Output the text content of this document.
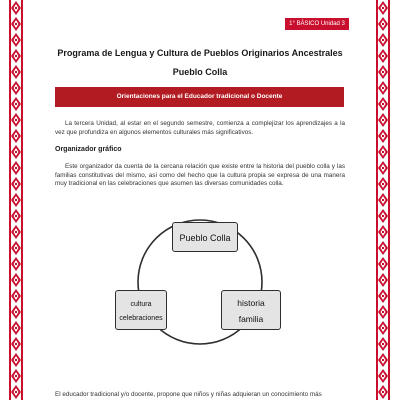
1° BÁSICO Unidad 3
Programa de Lengua y Cultura de Pueblos Originarios Ancestrales
Pueblo Colla
Orientaciones para el Educador tradicional o Docente
La tercera Unidad, al estar en el segundo semestre, comienza a complejizar los aprendizajes a la vez que profundiza en algunos elementos culturales más significativos.
Organizador gráfico
Este organizador da cuenta de la cercana relación que existe entre la historia del pueblo colla y las familias constitutivas del mismo, así como del hecho que la cultura propia se expresa de una manera muy tradicional en las celebraciones que asumen las diversas comunidades colla.
Pueblo Colla
cultura
celebraciones
historia
familia
El educador tradicional y/o docente, propone que niños y niñas adquieran un conocimiento más
